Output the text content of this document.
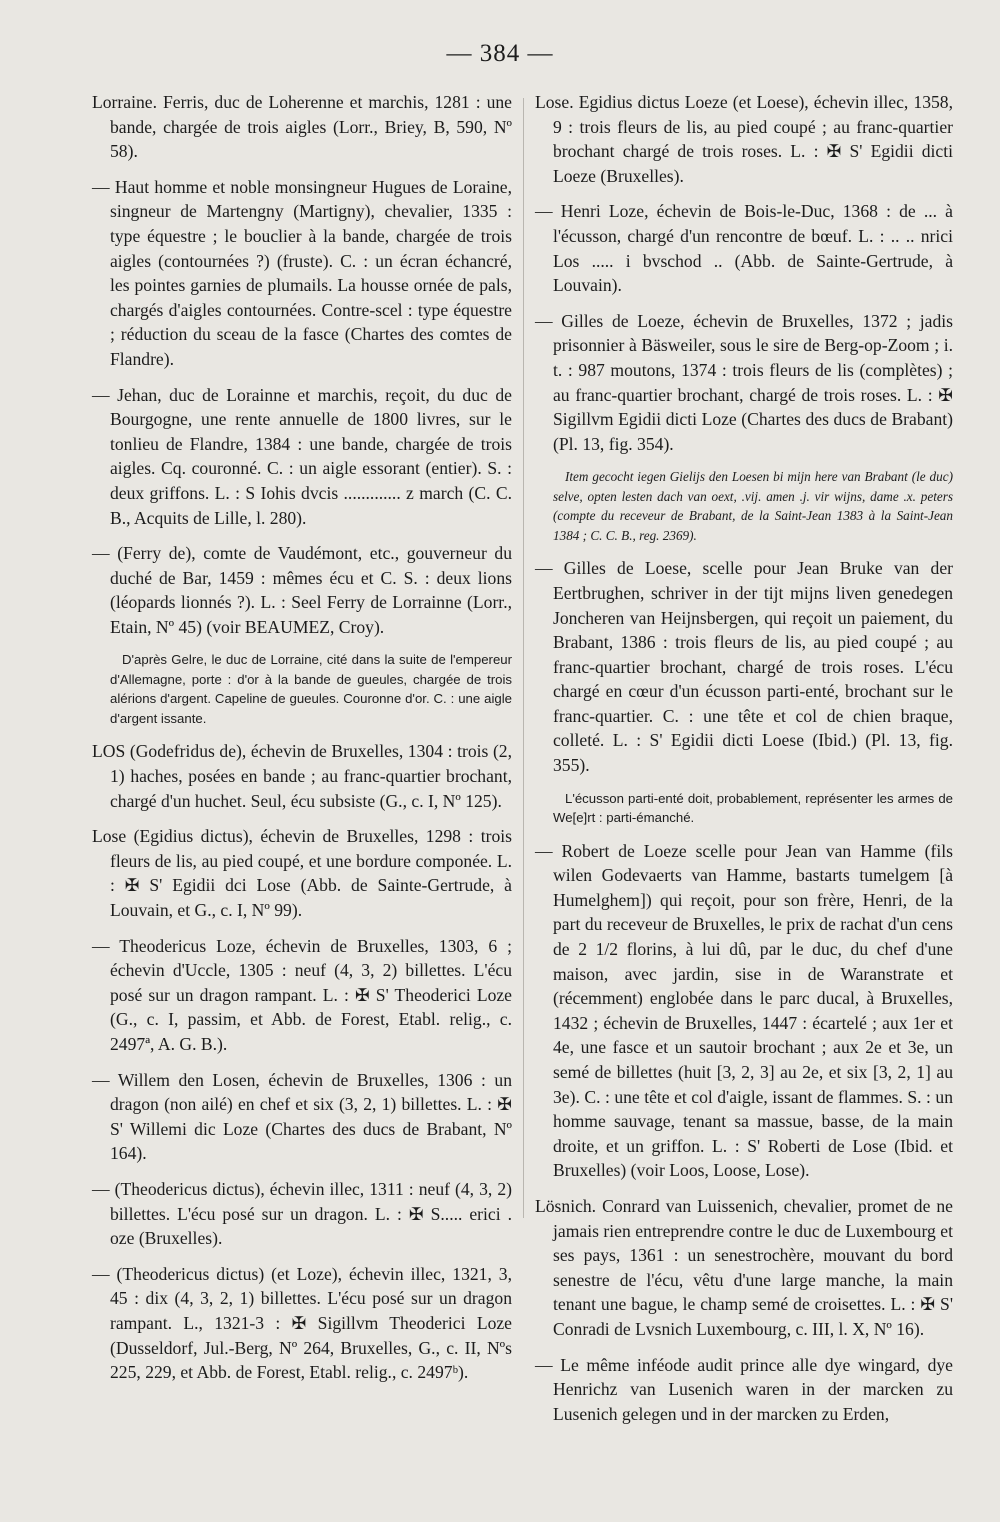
— 384 —

Lorraine. Ferris, duc de Loherenne et marchis, 1281 : une bande, chargée de trois aigles (Lorr., Briey, B, 590, Nº 58).

— Haut homme et noble monsingneur Hugues de Loraine, singneur de Martengny (Martigny), chevalier, 1335 : type équestre ; le bouclier à la bande, chargée de trois aigles (contournées ?) (fruste). C. : un écran échancré, les pointes garnies de plumails. La housse ornée de pals, chargés d'aigles contournées. Contre-scel : type équestre ; réduction du sceau de la fasce (Chartes des comtes de Flandre).

— Jehan, duc de Lorainne et marchis, reçoit, du duc de Bourgogne, une rente annuelle de 1800 livres, sur le tonlieu de Flandre, 1384 : une bande, chargée de trois aigles. Cq. couronné. C. : un aigle essorant (entier). S. : deux griffons. L. : S Iohis dvcis ............. z march (C. C. B., Acquits de Lille, l. 280).

— (Ferry de), comte de Vaudémont, etc., gouverneur du duché de Bar, 1459 : mêmes écu et C. S. : deux lions (léopards lionnés ?). L. : Seel Ferry de Lorrainne (Lorr., Etain, Nº 45) (voir BEAUMEZ, Croy).

D'après Gelre, le duc de Lorraine, cité dans la suite de l'empereur d'Allemagne, porte : d'or à la bande de gueules, chargée de trois alérions d'argent. Capeline de gueules. Couronne d'or. C. : une aigle d'argent issante.

LOS (Godefridus de), échevin de Bruxelles, 1304 : trois (2, 1) haches, posées en bande ; au franc-quartier brochant, chargé d'un huchet. Seul, écu subsiste (G., c. I, Nº 125).

Lose (Egidius dictus), échevin de Bruxelles, 1298 : trois fleurs de lis, au pied coupé, et une bordure componée. L. : ✠ S' Egidii dci Lose (Abb. de Sainte-Gertrude, à Louvain, et G., c. I, Nº 99).

— Theodericus Loze, échevin de Bruxelles, 1303, 6 ; échevin d'Uccle, 1305 : neuf (4, 3, 2) billettes. L'écu posé sur un dragon rampant. L. : ✠ S' Theoderici Loze (G., c. I, passim, et Abb. de Forest, Etabl. relig., c. 2497ª, A. G. B.).

— Willem den Losen, échevin de Bruxelles, 1306 : un dragon (non ailé) en chef et six (3, 2, 1) billettes. L. : ✠ S' Willemi dic Loze (Chartes des ducs de Brabant, Nº 164).

— (Theodericus dictus), échevin illec, 1311 : neuf (4, 3, 2) billettes. L'écu posé sur un dragon. L. : ✠ S..... erici . oze (Bruxelles).

— (Theodericus dictus) (et Loze), échevin illec, 1321, 3, 45 : dix (4, 3, 2, 1) billettes. L'écu posé sur un dragon rampant. L., 1321-3 : ✠ Sigillvm Theoderici Loze (Dusseldorf, Jul.-Berg, Nº 264, Bruxelles, G., c. II, Nºs 225, 229, et Abb. de Forest, Etabl. relig., c. 2497ᵇ).

Lose. Egidius dictus Loeze (et Loese), échevin illec, 1358, 9 : trois fleurs de lis, au pied coupé ; au franc-quartier brochant chargé de trois roses. L. : ✠ S' Egidii dicti Loeze (Bruxelles).

— Henri Loze, échevin de Bois-le-Duc, 1368 : de ... à l'écusson, chargé d'un rencontre de bœuf. L. : .. .. nrici Los ..... i bvschod .. (Abb. de Sainte-Gertrude, à Louvain).

— Gilles de Loeze, échevin de Bruxelles, 1372 ; jadis prisonnier à Bäsweiler, sous le sire de Berg-op-Zoom ; i. t. : 987 moutons, 1374 : trois fleurs de lis (complètes) ; au franc-quartier brochant, chargé de trois roses. L. : ✠ Sigillvm Egidii dicti Loze (Chartes des ducs de Brabant) (Pl. 13, fig. 354).

Item gecocht iegen Gielijs den Loesen bi mijn here van Brabant (le duc) selve, opten lesten dach van oext, .vij. amen .j. vir wijns, dame .x. peters (compte du receveur de Brabant, de la Saint-Jean 1383 à la Saint-Jean 1384 ; C. C. B., reg. 2369).

— Gilles de Loese, scelle pour Jean Bruke van der Eertbrughen, schriver in der tijt mijns liven genedegen Joncheren van Heijnsbergen, qui reçoit un paiement, du Brabant, 1386 : trois fleurs de lis, au pied coupé ; au franc-quartier brochant, chargé de trois roses. L'écu chargé en cœur d'un écusson parti-enté, brochant sur le franc-quartier. C. : une tête et col de chien braque, colleté. L. : S' Egidii dicti Loese (Ibid.) (Pl. 13, fig. 355).

L'écusson parti-enté doit, probablement, représenter les armes de We[e]rt : parti-émanché.

— Robert de Loeze scelle pour Jean van Hamme (fils wilen Godevaerts van Hamme, bastarts tumelgem [à Humelghem]) qui reçoit, pour son frère, Henri, de la part du receveur de Bruxelles, le prix de rachat d'un cens de 2 1/2 florins, à lui dû, par le duc, du chef d'une maison, avec jardin, sise in de Waranstrate et (récemment) englobée dans le parc ducal, à Bruxelles, 1432 ; échevin de Bruxelles, 1447 : écartelé ; aux 1er et 4e, une fasce et un sautoir brochant ; aux 2e et 3e, un semé de billettes (huit [3, 2, 3] au 2e, et six [3, 2, 1] au 3e). C. : une tête et col d'aigle, issant de flammes. S. : un homme sauvage, tenant sa massue, basse, de la main droite, et un griffon. L. : S' Roberti de Lose (Ibid. et Bruxelles) (voir Loos, Loose, Lose).

Lösnich. Conrard van Luissenich, chevalier, promet de ne jamais rien entreprendre contre le duc de Luxembourg et ses pays, 1361 : un senestrochère, mouvant du bord senestre de l'écu, vêtu d'une large manche, la main tenant une bague, le champ semé de croisettes. L. : ✠ S' Conradi de Lvsnich Luxembourg, c. III, l. X, Nº 16).

— Le même inféode audit prince alle dye wingard, dye Henrichz van Lusenich waren in der marcken zu Lusenich gelegen und in der marcken zu Erden,
